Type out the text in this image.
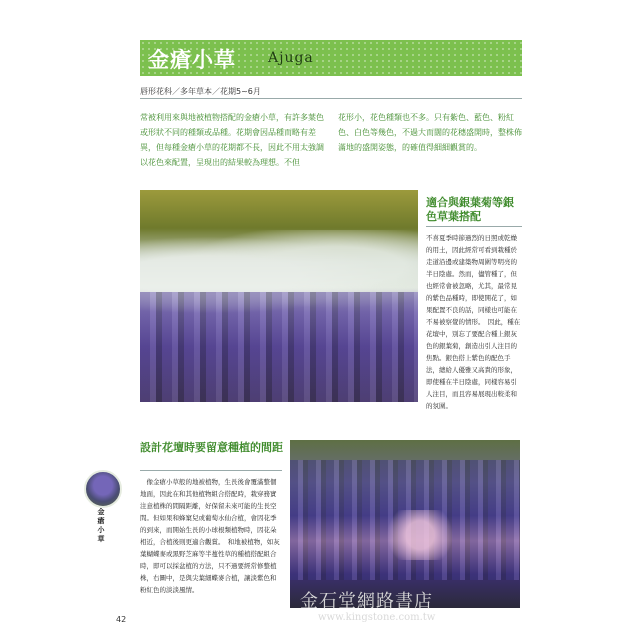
金瘡小草 Ajuga
唇形花科／多年草本／花期5~6月
常被利用來與地被植物搭配的金瘡小草，有許多葉色或形狀不同的種類或品種。花期會因品種而略有差異，但每種金瘡小草的花期都不長，因此不用太強調以花色來配置，呈現出的結果較為理想。不但
花形小，花色種類也不多。只有紫色、藍色、粉紅色、白色等幾色，不過大而闊的花穗盛開時，整株佈滿地的盛開姿態，的確值得細細觀賞的。
適合與銀葉菊等銀色草葉搭配
不喜夏季時節過烈的日照或乾燥的用土，因此經常可看到栽種於走道沿邊或建築物周圍等明亮的半日陰處。然而，儘管種了，但也經常會被忽略，尤其，最常見的紫色品種時，即使開花了，如果配置不良的話，同樣也可能在不易被察覺的情形。　因此，種在花壇中，別忘了要配合種上銀灰色的銀葉菊，創造出引人注目的焦點。銀色搭上紫色的配色手法，總給人優雅又高貴的形象，即使種在半日陰處，同樣容易引人注目，而且容易展現出較柔和的氛圍。
設計花壇時要留意種植的間距
　像金瘡小草般的地被植物，生長後會覆滿整個地面，因此在和其他植物組合搭配時，栽穿務實注意植株的間隔距離，好保留未來可能的生長空間。但如果和蜂窠兒或葡萄水仙合植，會因花季的到來，而開始生長的小球根類植物時，因花朵相近，合植後則更適合觀賞。　和地被植物，如灰葉蝴蝶麥或黑野芝麻等半蔓性草的種植搭配組合時，即可以採盆植的方法，只不過要經常修整植株，右圖中，是與尖葉細蝶麥合植，讓淡紫色和粉紅色的淡淡風情。
金瘡小草
42
金石堂網路書店
www.kingstone.com.tw
